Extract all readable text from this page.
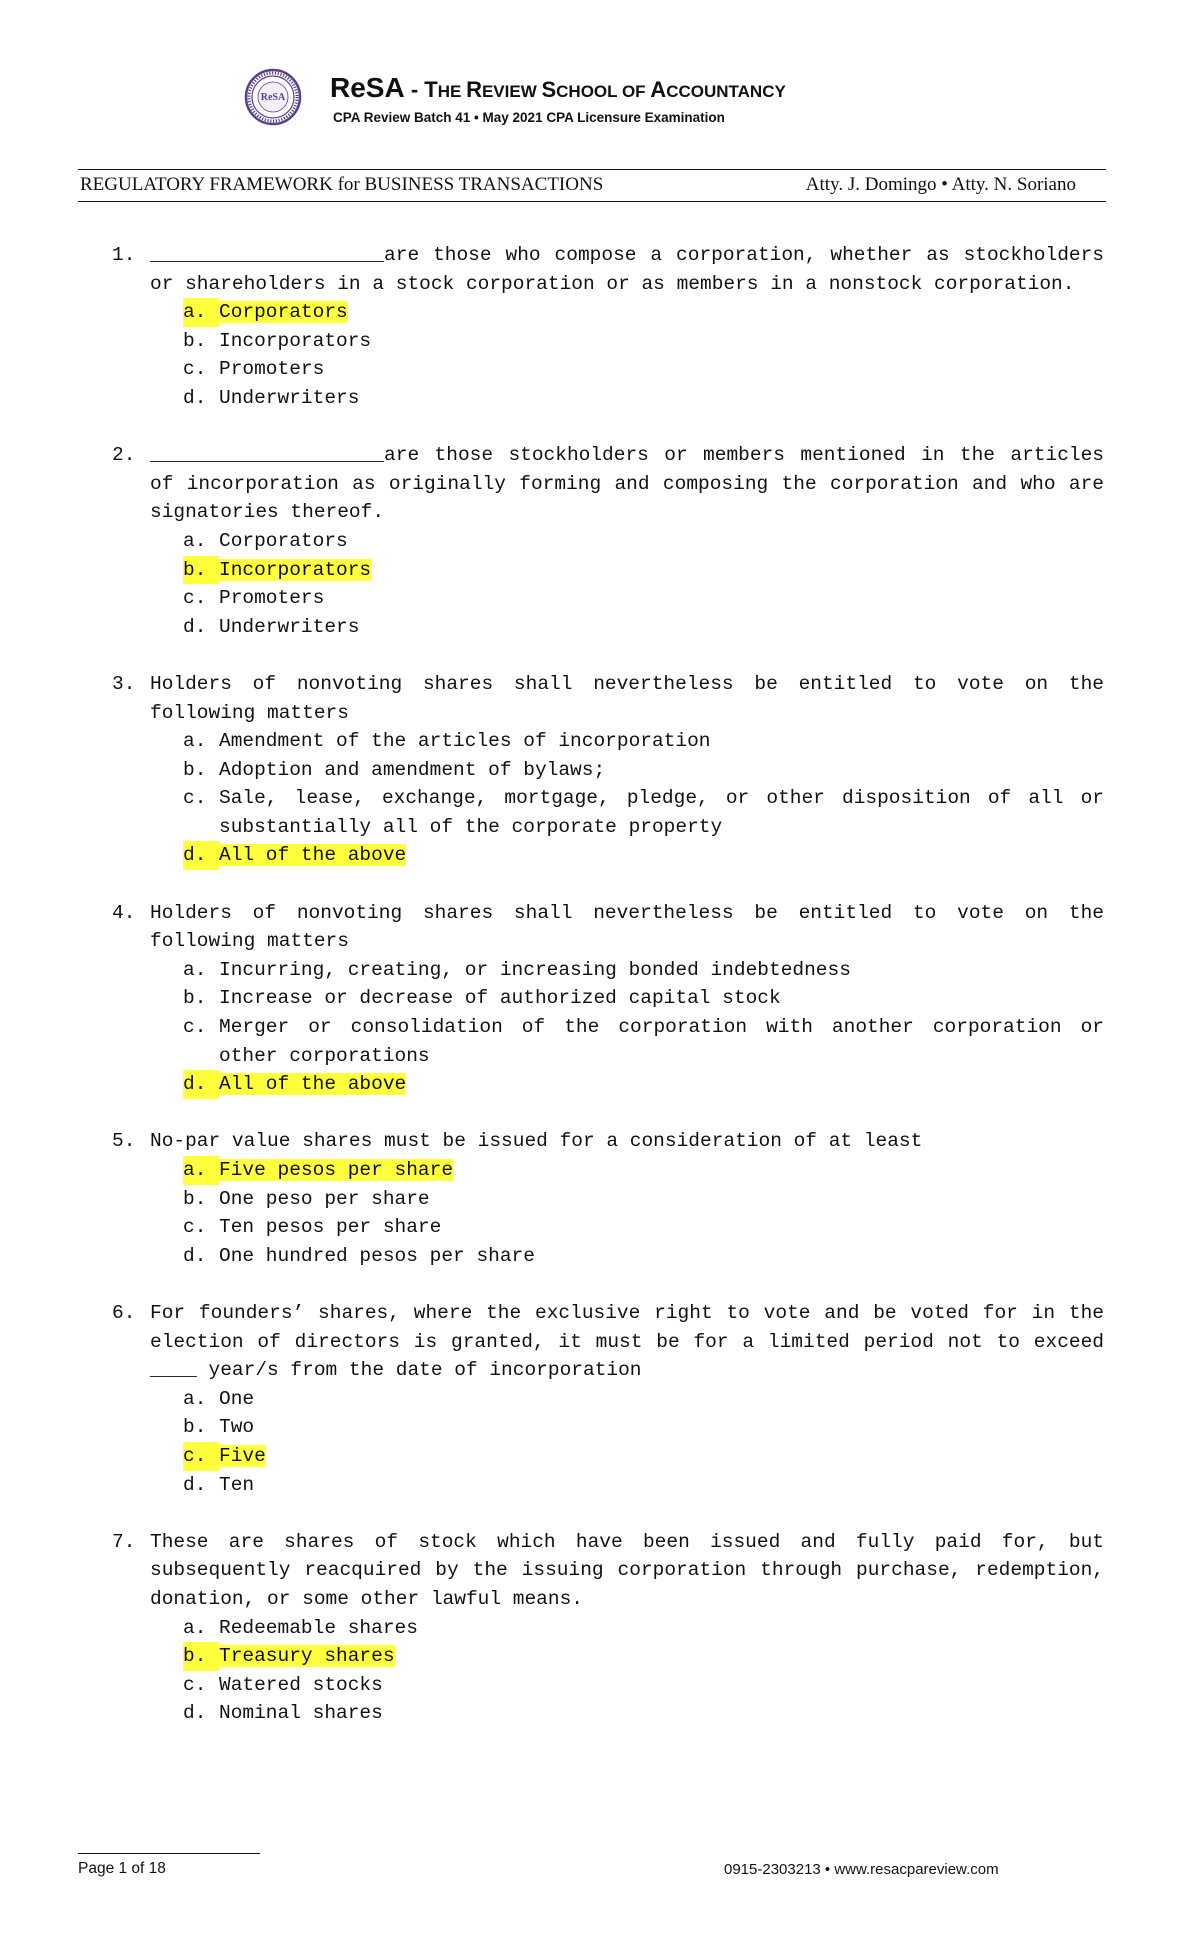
ReSA ReSA - THE REVIEW SCHOOL OF ACCOUNTANCY
CPA Review Batch 41 • May 2021 CPA Licensure Examination
REGULATORY FRAMEWORK for BUSINESS TRANSACTIONS	Atty. J. Domingo • Atty. N. Soriano
1. ____________________are those who compose a corporation, whether as stockholders or shareholders in a stock corporation or as members in a nonstock corporation.
a. Corporators
b. Incorporators
c. Promoters
d. Underwriters
2. ____________________are those stockholders or members mentioned in the articles of incorporation as originally forming and composing the corporation and who are signatories thereof.
a. Corporators
b. Incorporators
c. Promoters
d. Underwriters
3. Holders of nonvoting shares shall nevertheless be entitled to vote on the following matters
a. Amendment of the articles of incorporation
b. Adoption and amendment of bylaws;
c. Sale, lease, exchange, mortgage, pledge, or other disposition of all or substantially all of the corporate property
d. All of the above
4. Holders of nonvoting shares shall nevertheless be entitled to vote on the following matters
a. Incurring, creating, or increasing bonded indebtedness
b. Increase or decrease of authorized capital stock
c. Merger or consolidation of the corporation with another corporation or other corporations
d. All of the above
5. No-par value shares must be issued for a consideration of at least
a. Five pesos per share
b. One peso per share
c. Ten pesos per share
d. One hundred pesos per share
6. For founders’ shares, where the exclusive right to vote and be voted for in the election of directors is granted, it must be for a limited period not to exceed ____ year/s from the date of incorporation
a. One
b. Two
c. Five
d. Ten
7. These are shares of stock which have been issued and fully paid for, but subsequently reacquired by the issuing corporation through purchase, redemption, donation, or some other lawful means.
a. Redeemable shares
b. Treasury shares
c. Watered stocks
d. Nominal shares
Page 1 of 18	0915-2303213 • www.resacpareview.com
